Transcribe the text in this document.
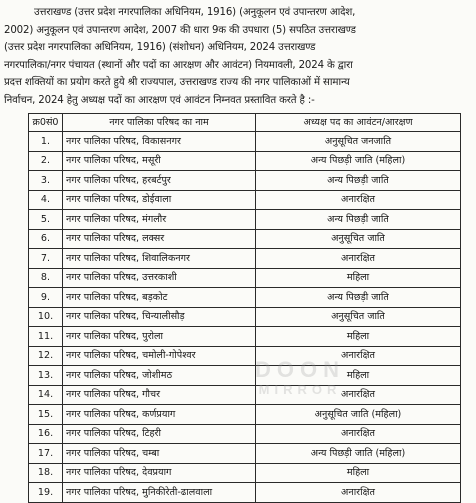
उत्तराखण्ड (उत्तर प्रदेश नगरपालिका अधिनियम, 1916) (अनुकूलन एवं उपान्तरण आदेश,
2002) अनुकूलन एवं उपान्तरण आदेश, 2007 की धारा 9क की उपधारा (5) सपठित उत्तराखण्ड
(उत्तर प्रदेश नगरपालिका अधिनियम, 1916) (संशोधन) अधिनियम, 2024 उत्तराखण्ड
नगरपालिका/नगर पंचायत (स्थानों और पदों का आरक्षण और आवंटन) नियमावली, 2024 के द्वारा
प्रदत्त शक्तियों का प्रयोग करते हुये श्री राज्यपाल, उत्तराखण्ड राज्य की नगर पालिकाओं में सामान्य
निर्वाचन, 2024 हेतु अध्यक्ष पदों का आरक्षण एवं आवंटन निम्नवत प्रस्तावित करते है :-
क्र0सं0	नगर पालिका परिषद का नाम	अध्यक्ष पद का आवंटन/आरक्षण
1.	नगर पालिका परिषद, विकासनगर	अनुसूचित जनजाति
2.	नगर पालिका परिषद, मसूरी	अन्य पिछड़ी जाति (महिला)
3.	नगर पालिका परिषद, हरबर्टपुर	अन्य पिछड़ी जाति
4.	नगर पालिका परिषद, डोईवाला	अनारक्षित
5.	नगर पालिका परिषद, मंगलौर	अन्य पिछड़ी जाति
6.	नगर पालिका परिषद, लक्सर	अनुसूचित जाति
7.	नगर पालिका परिषद, शिवालिकनगर	अनारक्षित
8.	नगर पालिका परिषद, उत्तरकाशी	महिला
9.	नगर पालिका परिषद, बड़कोट	अन्य पिछड़ी जाति
10.	नगर पालिका परिषद, चिन्यालीसौड़	अनुसूचित जाति
11.	नगर पालिका परिषद, पुरोला	महिला
12.	नगर पालिका परिषद, चमोली-गोपेश्वर	अनारक्षित
13.	नगर पालिका परिषद, जोशीमठ	महिला
14.	नगर पालिका परिषद, गौचर	अनारक्षित
15.	नगर पालिका परिषद, कर्णप्रयाग	अनुसूचित जाति (महिला)
16.	नगर पालिका परिषद, टिहरी	अनारक्षित
17.	नगर पालिका परिषद, चम्बा	अन्य पिछड़ी जाति (महिला)
18.	नगर पालिका परिषद, देवप्रयाग	महिला
19.	नगर पालिका परिषद, मुनिकीरेती-ढालवाला	अनारक्षित
DOON
MIRROR
